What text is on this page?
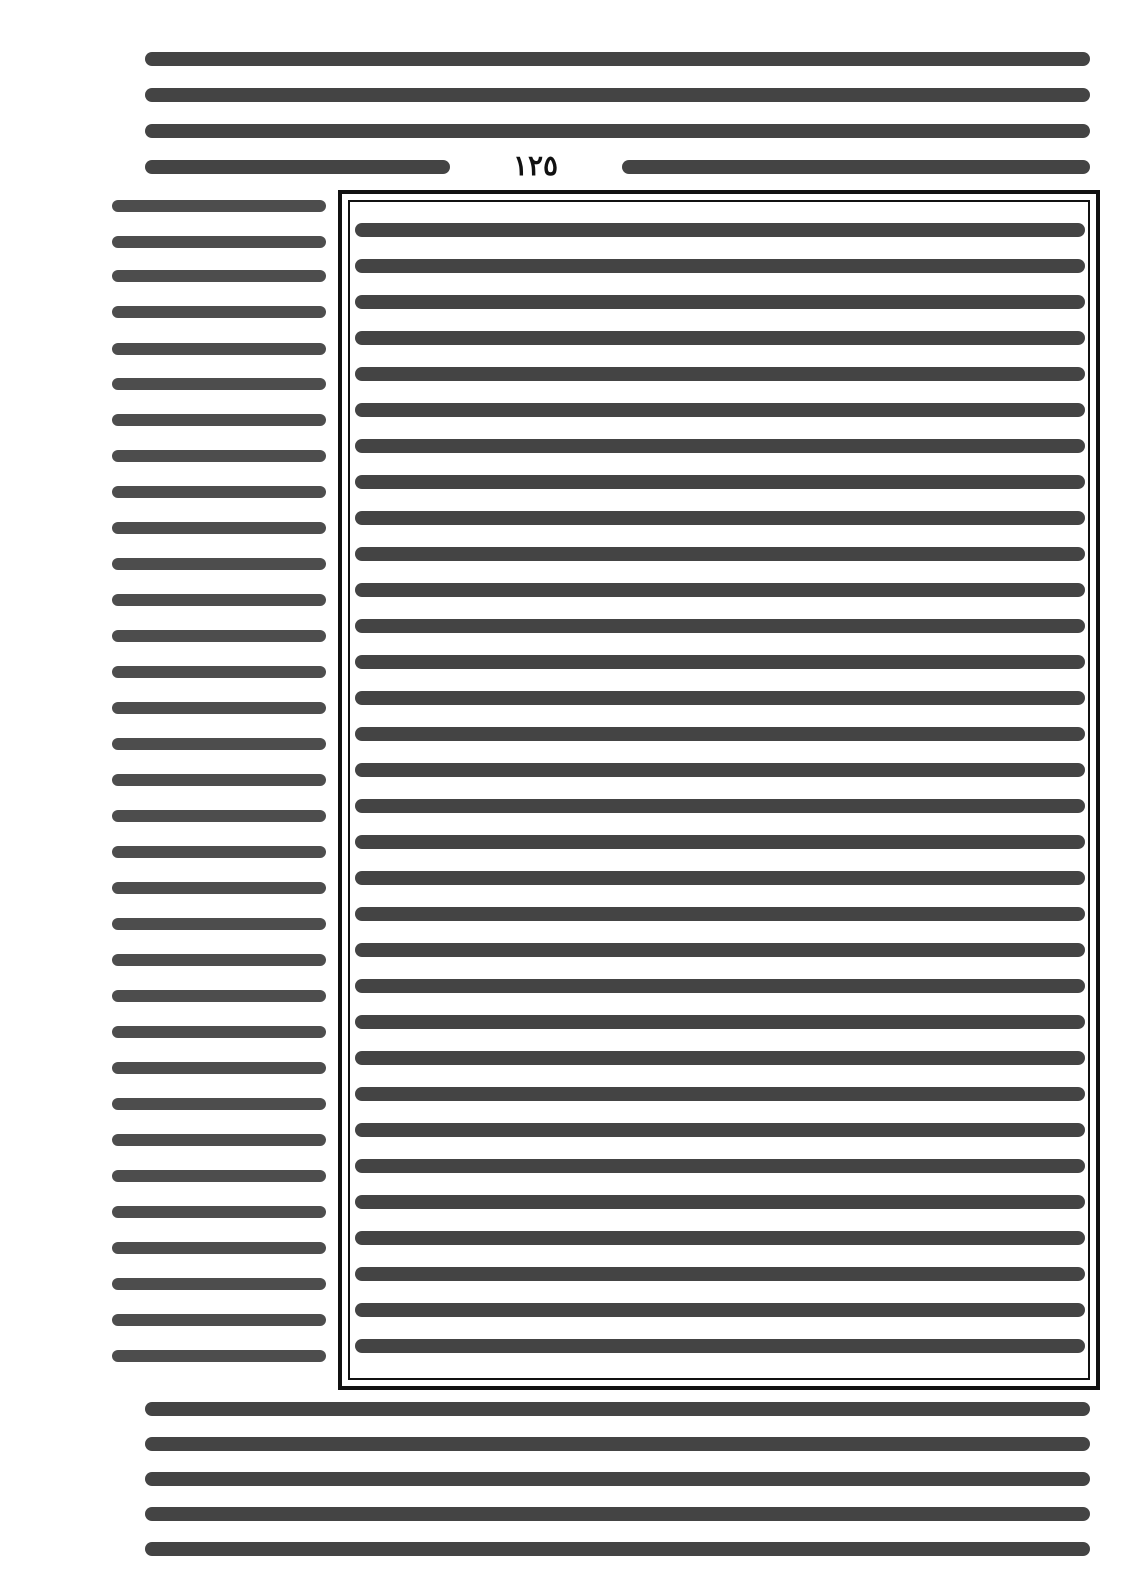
١٢٥
